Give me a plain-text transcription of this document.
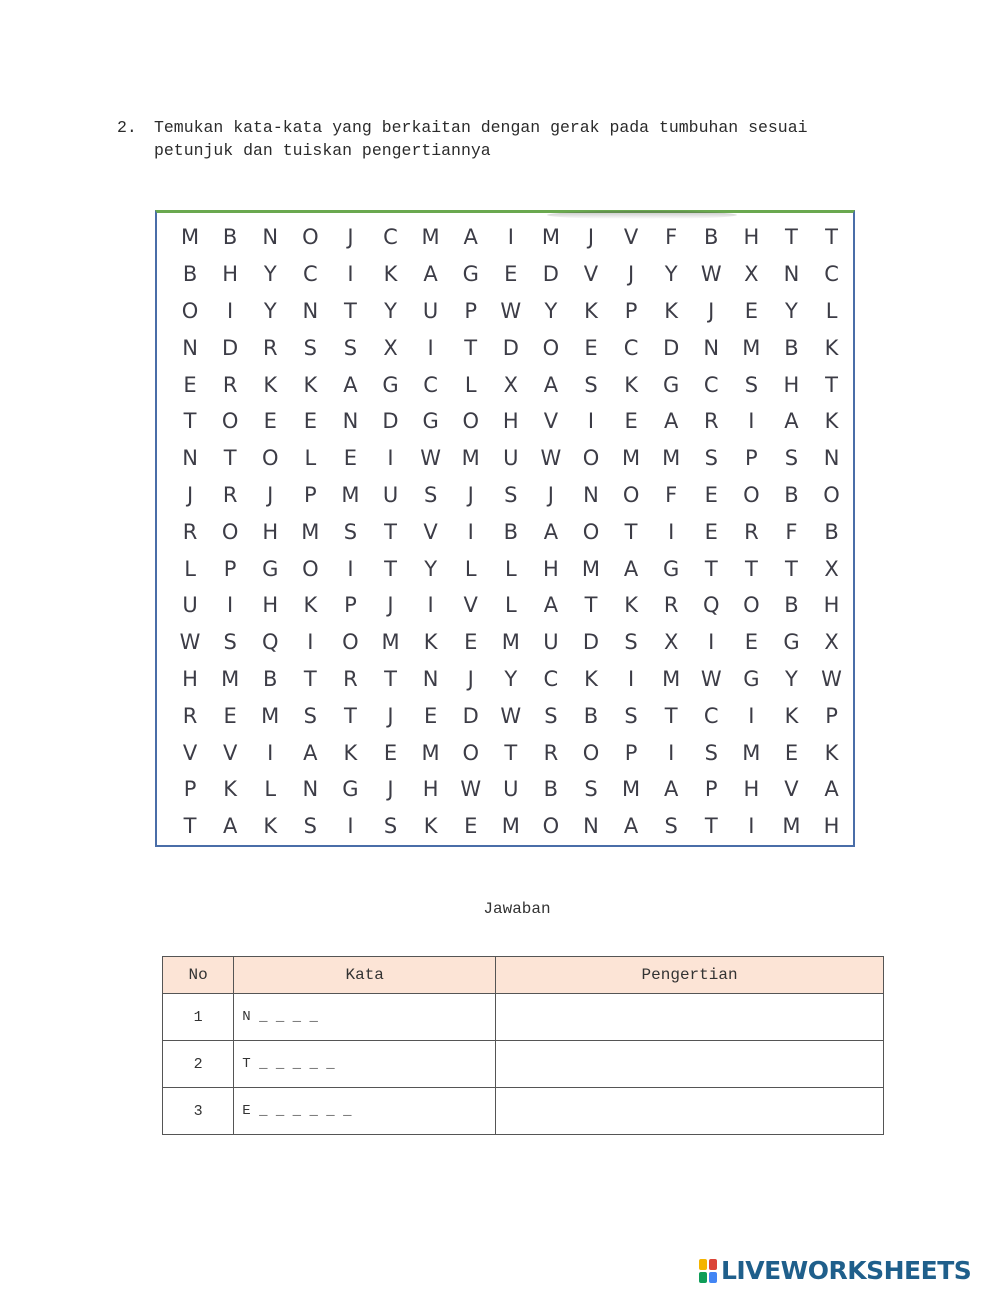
2. Temukan kata-kata yang berkaitan dengan gerak pada tumbuhan sesuai
petunjuk dan tuiskan pengertiannya
M	B	N	O	J	C	M	A	I	M	J	V	F	B	H	T	T
B	H	Y	C	I	K	A	G	E	D	V	J	Y	W	X	N	C
O	I	Y	N	T	Y	U	P	W	Y	K	P	K	J	E	Y	L
N	D	R	S	S	X	I	T	D	O	E	C	D	N	M	B	K
E	R	K	K	A	G	C	L	X	A	S	K	G	C	S	H	T
T	O	E	E	N	D	G	O	H	V	I	E	A	R	I	A	K
N	T	O	L	E	I	W M	U	W	O	M	M	S	P	S	N
J	R	J	P	M	U	S	J	S	J	N	O	F	E	O	B	O
R	O	H	M	S	T	V	I	B	A	O	T	I	E	R	F	B
L	P	G	O	I	T	Y	L	L	H	M	A	G	T	T	T	X
U	I	H	K	P	J	I	V	L	A	T	K	R	Q	O	B	H
W	S	Q	I	O	M	K	E	M	U	D	S	X	I	E	G	X
H	M	B	T	R	T	N	J	Y	C	K	I	M W	G	Y	W
R	E	M	S	T	J	E	D	W	S	B	S	T	C	I	K	P
V	V	I	A	K	E	M	O	T	R	O	P	I	S	M	E	K
P	K	L	N	G	J	H	W	U	B	S	M	A	P	H	V	A
T	A	K	S	I	S	K	E	M	O	N	A	S	T	I	M	H
Jawaban
No	Kata	Pengertian
1	N _ _ _ _	
2	T _ _ _ _ _	
3	E _ _ _ _ _ _	
LIVEWORKSHEETS
